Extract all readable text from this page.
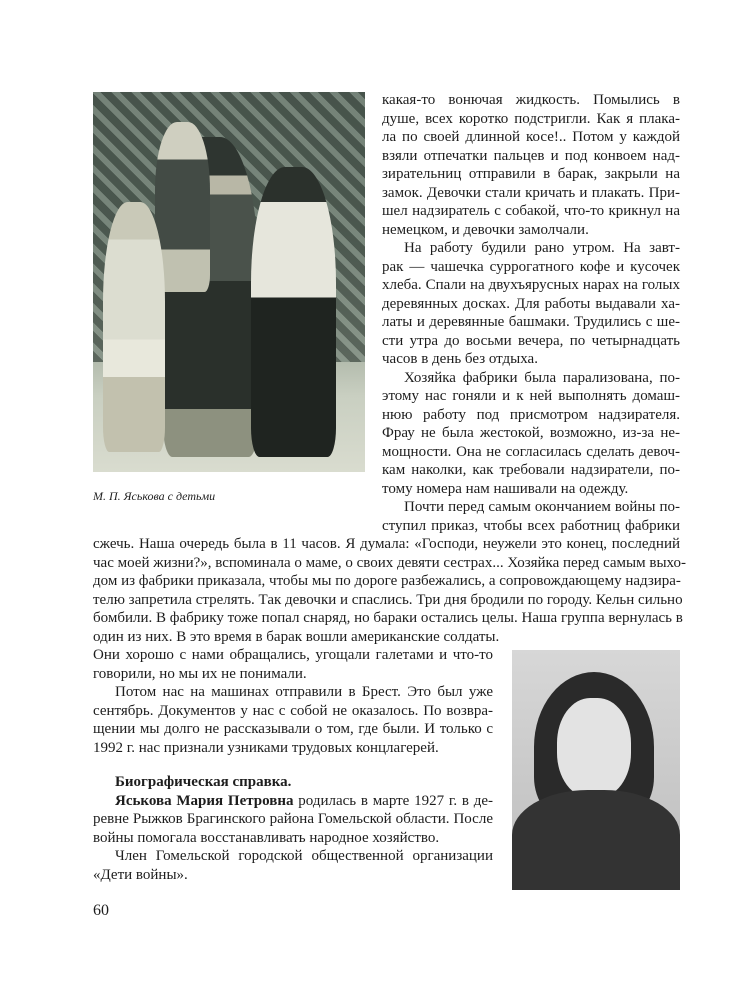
М. П. Яськова с детьми
какая-то вонючая жидкость. Помылись в
душе, всех коротко подстригли. Как я плака-
ла по своей длинной косе!.. Потом у каждой
взяли отпечатки пальцев и под конвоем над-
зирательниц отправили в барак, закрыли на
замок. Девочки стали кричать и плакать. При-
шел надзиратель с собакой, что-то крикнул на
немецком, и девочки замолчали.
На работу будили рано утром. На завт-
рак — чашечка суррогатного кофе и кусочек
хлеба. Спали на двухъярусных нарах на голых
деревянных досках. Для работы выдавали ха-
латы и деревянные башмаки. Трудились с ше-
сти утра до восьми вечера, по четырнадцать
часов в день без отдыха.
Хозяйка фабрики была парализована, по-
этому нас гоняли и к ней выполнять домаш-
нюю работу под присмотром надзирателя.
Фрау не была жестокой, возможно, из-за не-
мощности. Она не согласилась сделать девоч-
кам наколки, как требовали надзиратели, по-
тому номера нам нашивали на одежду.
Почти перед самым окончанием войны по-
ступил приказ, чтобы всех работниц фабрики
сжечь. Наша очередь была в 11 часов. Я думала: «Господи, неужели это конец, последний
час моей жизни?», вспоминала о маме, о своих девяти сестрах... Хозяйка перед самым выхо-
дом из фабрики приказала, чтобы мы по дороге разбежались, а сопровождающему надзира-
телю запретила стрелять. Так девочки и спаслись. Три дня бродили по городу. Кельн сильно
бомбили. В фабрику тоже попал снаряд, но бараки остались целы. Наша группа вернулась в
один из них. В это время в барак вошли американские солдаты.
Они хорошо с нами обращались, угощали галетами и что-то
говорили, но мы их не понимали.
Потом нас на машинах отправили в Брест. Это был уже
сентябрь. Документов у нас с собой не оказалось. По возвра-
щении мы долго не рассказывали о том, где были. И только с
1992 г. нас признали узниками трудовых концлагерей.
Биографическая справка.
Яськова Мария Петровна родилась в марте 1927 г. в де-
ревне Рыжков Брагинского района Гомельской области. После
войны помогала восстанавливать народное хозяйство.
Член Гомельской городской общественной организации
«Дети войны».
60
